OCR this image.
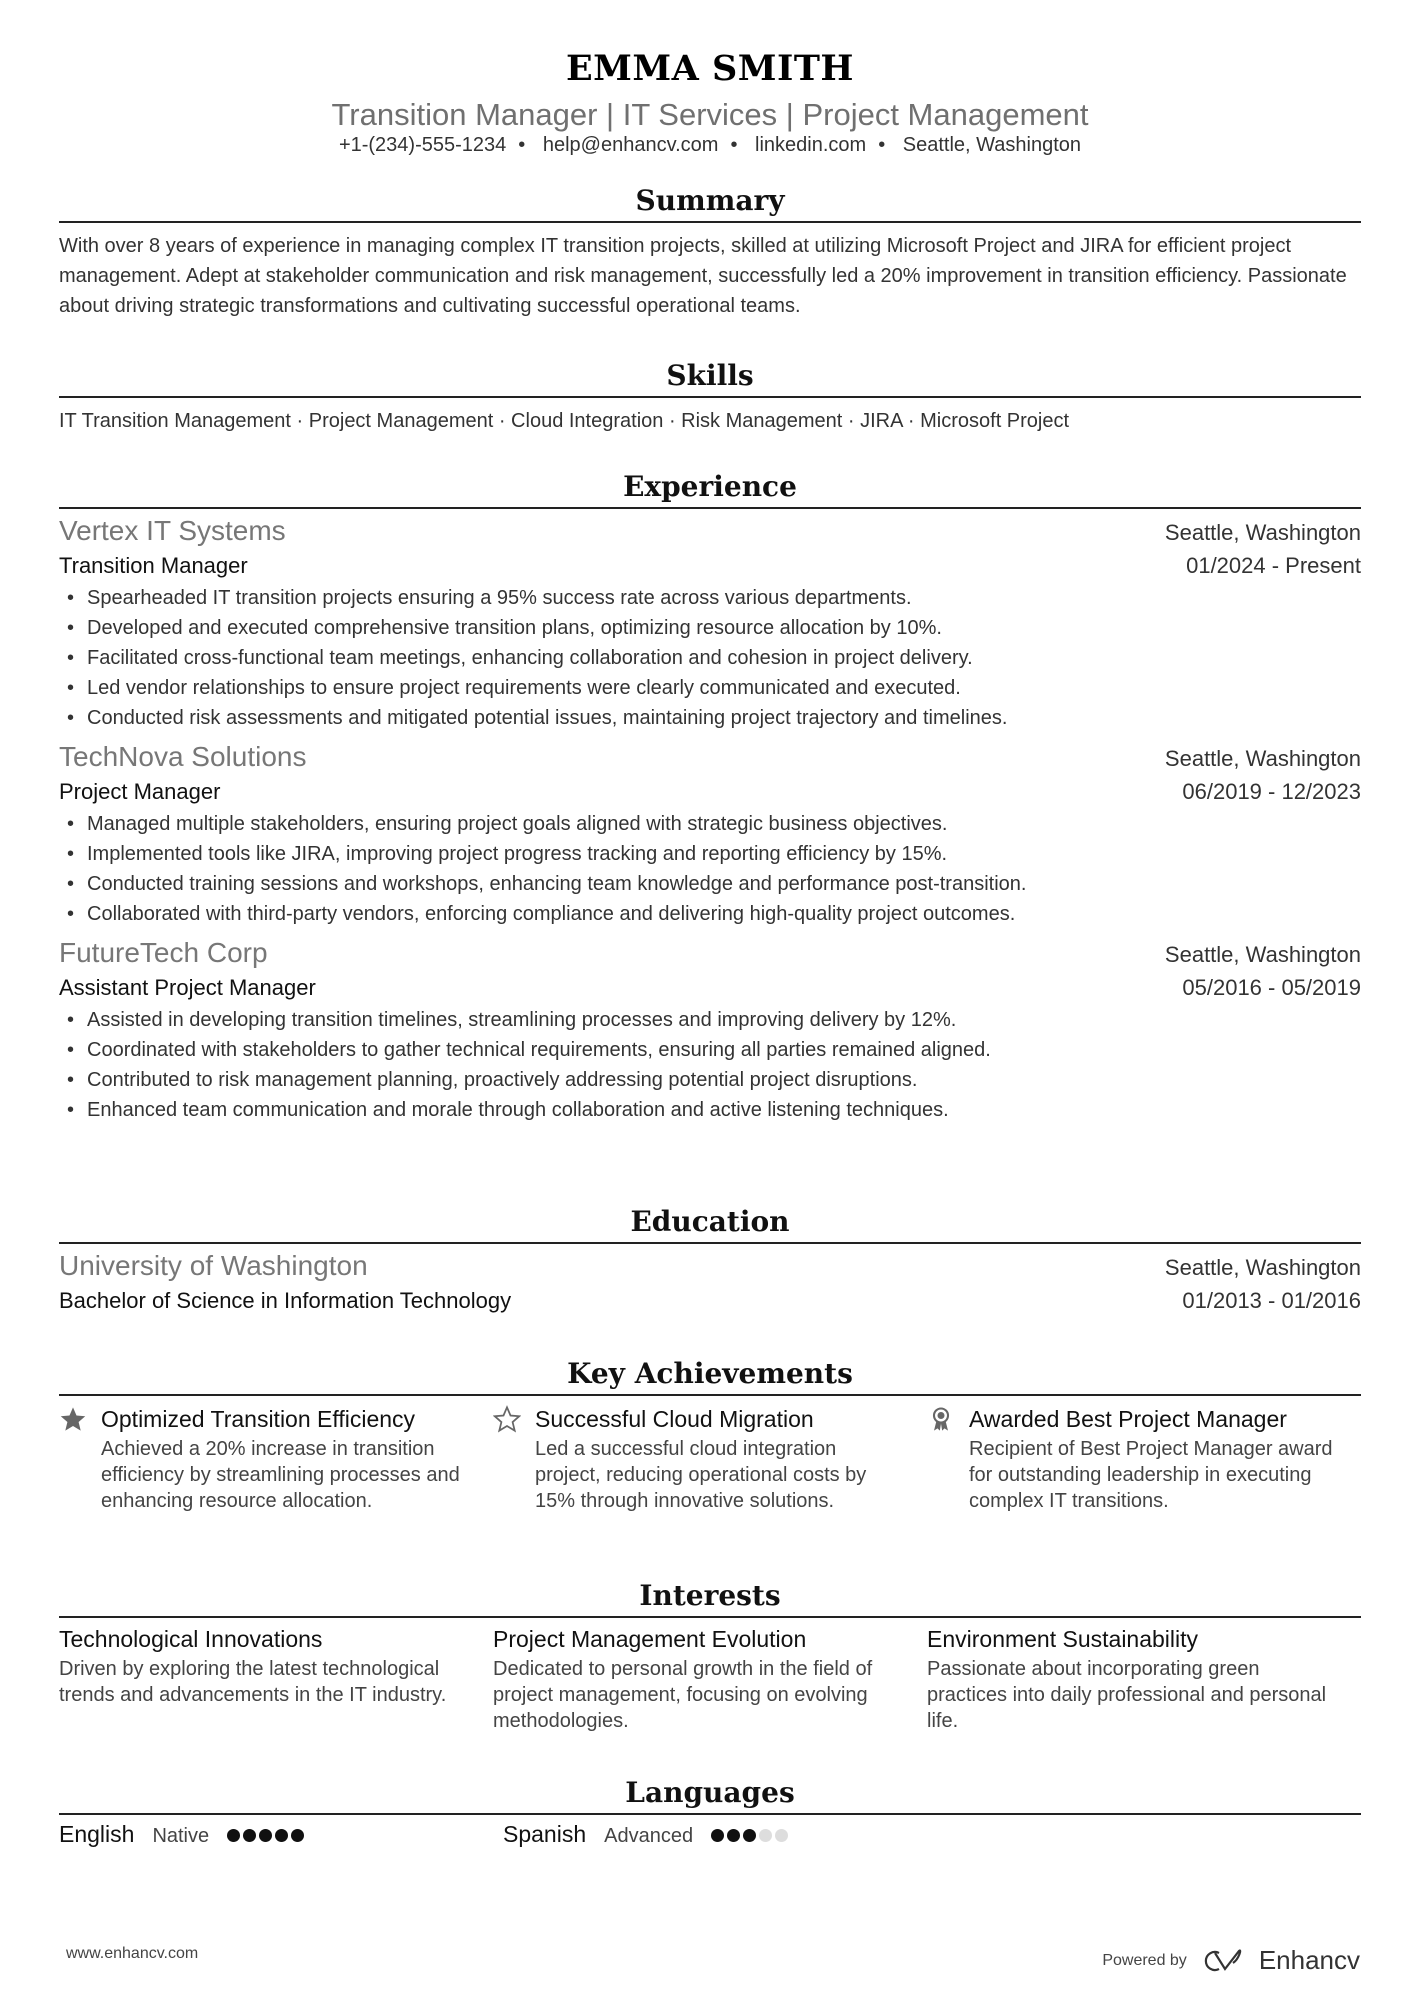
EMMA SMITH
Transition Manager | IT Services | Project Management
+1-(234)-555-1234 • help@enhancv.com • linkedin.com • Seattle, Washington
Summary
With over 8 years of experience in managing complex IT transition projects, skilled at utilizing Microsoft Project and JIRA for efficient project management. Adept at stakeholder communication and risk management, successfully led a 20% improvement in transition efficiency. Passionate about driving strategic transformations and cultivating successful operational teams.
Skills
IT Transition Management · Project Management · Cloud Integration · Risk Management · JIRA · Microsoft Project
Experience
Vertex IT Systems	Seattle, Washington
Transition Manager	01/2024 - Present
• Spearheaded IT transition projects ensuring a 95% success rate across various departments.
• Developed and executed comprehensive transition plans, optimizing resource allocation by 10%.
• Facilitated cross-functional team meetings, enhancing collaboration and cohesion in project delivery.
• Led vendor relationships to ensure project requirements were clearly communicated and executed.
• Conducted risk assessments and mitigated potential issues, maintaining project trajectory and timelines.
TechNova Solutions	Seattle, Washington
Project Manager	06/2019 - 12/2023
• Managed multiple stakeholders, ensuring project goals aligned with strategic business objectives.
• Implemented tools like JIRA, improving project progress tracking and reporting efficiency by 15%.
• Conducted training sessions and workshops, enhancing team knowledge and performance post-transition.
• Collaborated with third-party vendors, enforcing compliance and delivering high-quality project outcomes.
FutureTech Corp	Seattle, Washington
Assistant Project Manager	05/2016 - 05/2019
• Assisted in developing transition timelines, streamlining processes and improving delivery by 12%.
• Coordinated with stakeholders to gather technical requirements, ensuring all parties remained aligned.
• Contributed to risk management planning, proactively addressing potential project disruptions.
• Enhanced team communication and morale through collaboration and active listening techniques.
Education
University of Washington	Seattle, Washington
Bachelor of Science in Information Technology	01/2013 - 01/2016
Key Achievements
Optimized Transition Efficiency
Achieved a 20% increase in transition efficiency by streamlining processes and enhancing resource allocation.
Successful Cloud Migration
Led a successful cloud integration project, reducing operational costs by 15% through innovative solutions.
Awarded Best Project Manager
Recipient of Best Project Manager award for outstanding leadership in executing complex IT transitions.
Interests
Technological Innovations
Driven by exploring the latest technological trends and advancements in the IT industry.
Project Management Evolution
Dedicated to personal growth in the field of project management, focusing on evolving methodologies.
Environment Sustainability
Passionate about incorporating green practices into daily professional and personal life.
Languages
English Native	Spanish Advanced
www.enhancv.com	Powered by	Enhancv
